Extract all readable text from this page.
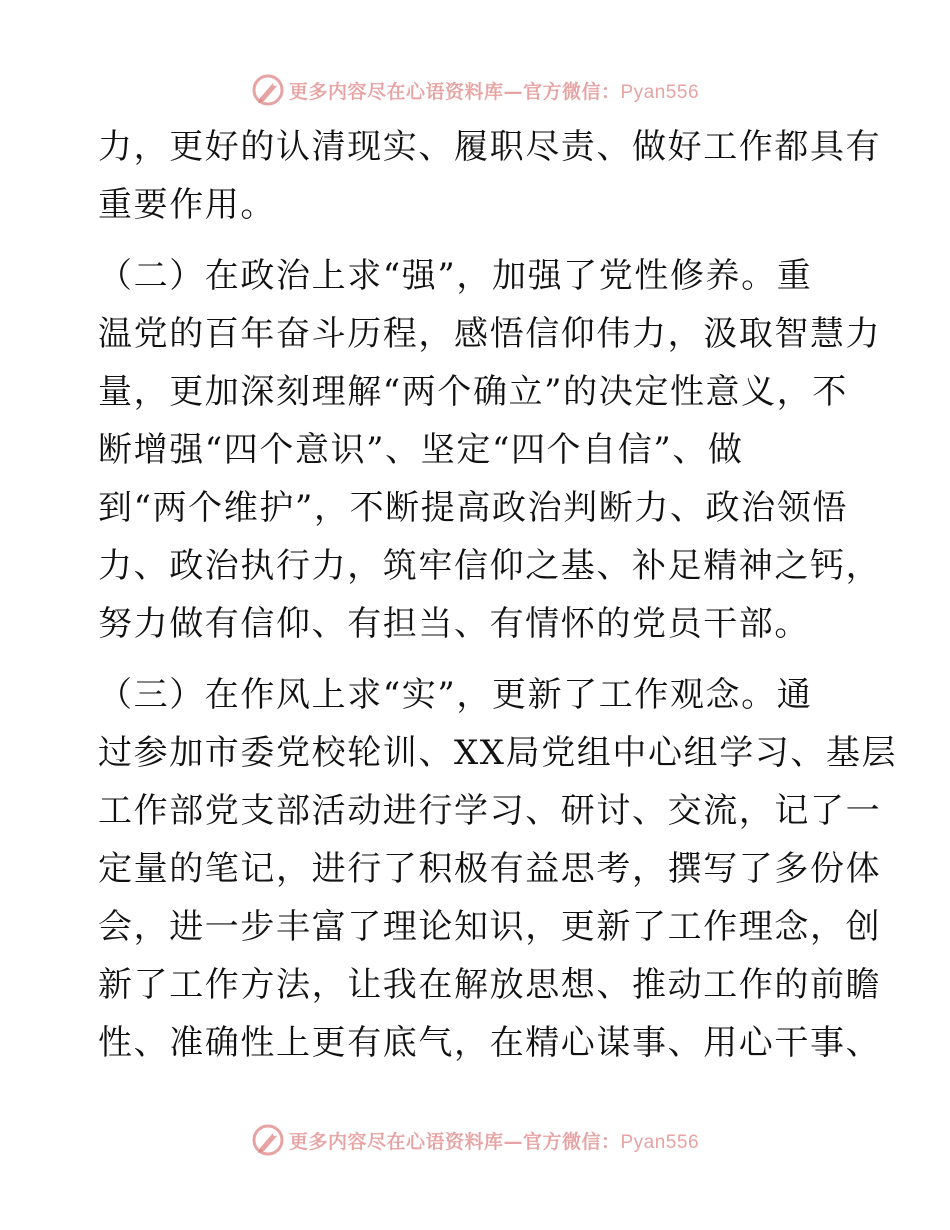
更多内容尽在心语资料库—官方微信：Pyan556
力，更好的认清现实、履职尽责、做好工作都具有
重要作用。
（二）在政治上求“强”，加强了党性修养。重
温党的百年奋斗历程，感悟信仰伟力，汲取智慧力
量，更加深刻理解“两个确立”的决定性意义，不
断增强“四个意识”、坚定“四个自信”、做
到“两个维护”，不断提高政治判断力、政治领悟
力、政治执行力，筑牢信仰之基、补足精神之钙，
努力做有信仰、有担当、有情怀的党员干部。
（三）在作风上求“实”，更新了工作观念。通
过参加市委党校轮训、XX局党组中心组学习、基层
工作部党支部活动进行学习、研讨、交流，记了一
定量的笔记，进行了积极有益思考，撰写了多份体
会，进一步丰富了理论知识，更新了工作理念，创
新了工作方法，让我在解放思想、推动工作的前瞻
性、准确性上更有底气，在精心谋事、用心干事、
更多内容尽在心语资料库—官方微信：Pyan556
